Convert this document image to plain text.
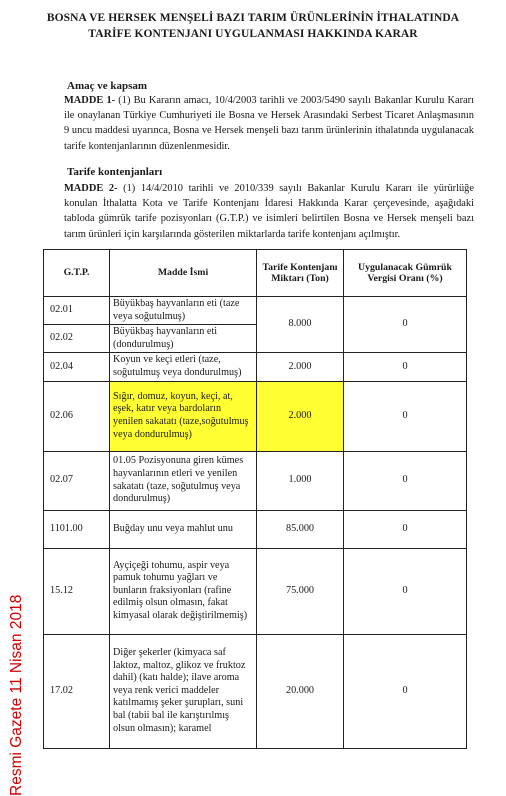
BOSNA VE HERSEK MENŞELİ BAZI TARIM ÜRÜNLERİNİN İTHALATINDA
TARİFE KONTENJANI UYGULANMASI HAKKINDA KARAR
Amaç ve kapsam
MADDE 1- (1) Bu Kararın amacı, 10/4/2003 tarihli ve 2003/5490 sayılı Bakanlar Kurulu Kararı ile onaylanan Türkiye Cumhuriyeti ile Bosna ve Hersek Arasındaki Serbest Ticaret Anlaşmasının 9 uncu maddesi uyarınca, Bosna ve Hersek menşeli bazı tarım ürünlerinin ithalatında uygulanacak tarife kontenjanlarının düzenlenmesidir.
Tarife kontenjanları
MADDE 2- (1) 14/4/2010 tarihli ve 2010/339 sayılı Bakanlar Kurulu Kararı ile yürürlüğe konulan İthalatta Kota ve Tarife Kontenjanı İdaresi Hakkında Karar çerçevesinde, aşağıdaki tabloda gümrük tarife pozisyonları (G.T.P.) ve isimleri belirtilen Bosna ve Hersek menşeli bazı tarım ürünleri için karşılarında gösterilen miktarlarda tarife kontenjanı açılmıştır.
Resmi Gazete 11 Nisan 2018
G.T.P.	Madde İsmi	Tarife Kontenjanı Miktarı (Ton)	Uygulanacak Gümrük Vergisi Oranı (%)
02.01	Büyükbaş hayvanların eti (taze veya soğutulmuş)	8.000	0
02.02	Büyükbaş hayvanların eti (dondurulmuş)		
02.04	Koyun ve keçi etleri (taze, soğutulmuş veya dondurulmuş)	2.000	0
02.06	Sığır, domuz, koyun, keçi, at, eşek, katır veya bardoların yenilen sakatatı (taze,soğutulmuş veya dondurulmuş)	2.000	0
02.07	01.05 Pozisyonuna giren kümes hayvanlarının etleri ve yenilen sakatatı (taze, soğutulmuş veya dondurulmuş)	1.000	0
1101.00	Buğday unu veya mahlut unu	85.000	0
15.12	Ayçiçeği tohumu, aspir veya pamuk tohumu yağları ve bunların fraksiyonları (rafine edilmiş olsun olmasın, fakat kimyasal olarak değiştirilmemiş)	75.000	0
17.02	Diğer şekerler (kimyaca saf laktoz, maltoz, glikoz ve fruktoz dahil) (katı halde); ilave aroma veya renk verici maddeler katılmamış şeker şurupları, suni bal (tabii bal ile karıştırılmış olsun olmasın); karamel	20.000	0
